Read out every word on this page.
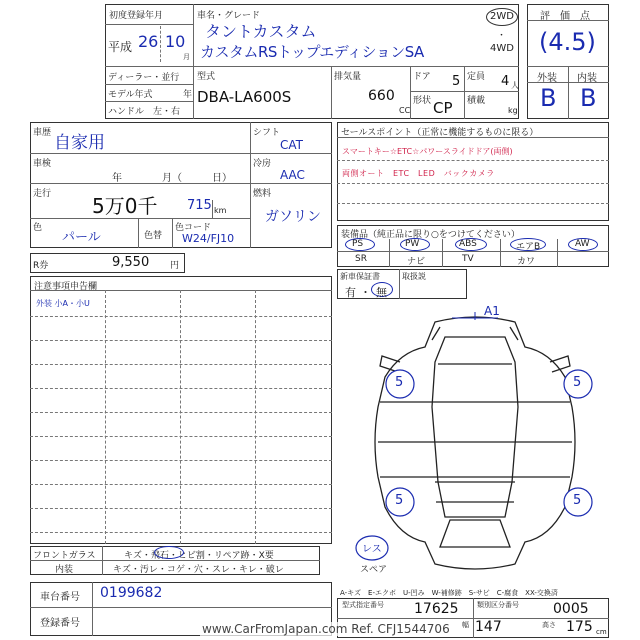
初度登録年月
平成 26 10
月
車名・グレード
タントカスタム
カスタムRSトップエディションSA
2WD
・
4WD
ディーラー・並行
モデル年式	年
ハンドル　左・右
型式
DBA-LA600S
排気量
660
CC
ドア 5 定員 4 人
形状 CP 積載
kg
評　価　点
(4.5)
外装 内装
B B
車歴 自家用
車検
年　　　　月（　　　日）
走行 5万0千 715 km
色
パール	色替
色コード
W24/FJ10
シフト
CAT
冷房
AAC
燃料
ガソリン
R券	9,550 円
セールスポイント（正常に機能するものに限る）
スマートキー☆ETC☆パワースライドドア(両側)
両側オート　ETC　LED　バックカメラ
装備品（純正品に限り○をつけてください）
PS	PW	ABS	エアB	AW
SR	ナビ	TV	カワ
新車保証書	取扱説
有 ・ 無
注意事項申告欄
外装 小A・小U
A1
5	5
5	5
レス
スペア
フロントガラス	キズ・飛石・ヒビ割・リペア跡・X要
内装	キズ・汚レ・コゲ・穴・スレ・キレ・破レ
A-キズ　E-エクボ　U-凹み　W-補修跡　S-サビ　C-腐食　XX-交換済
車台番号 0199682
登録番号
型式指定番号 17625	類別区分番号 0005
幅 147	高さ 175 cm
www.CarFromJapan.com Ref. CFJ1544706
